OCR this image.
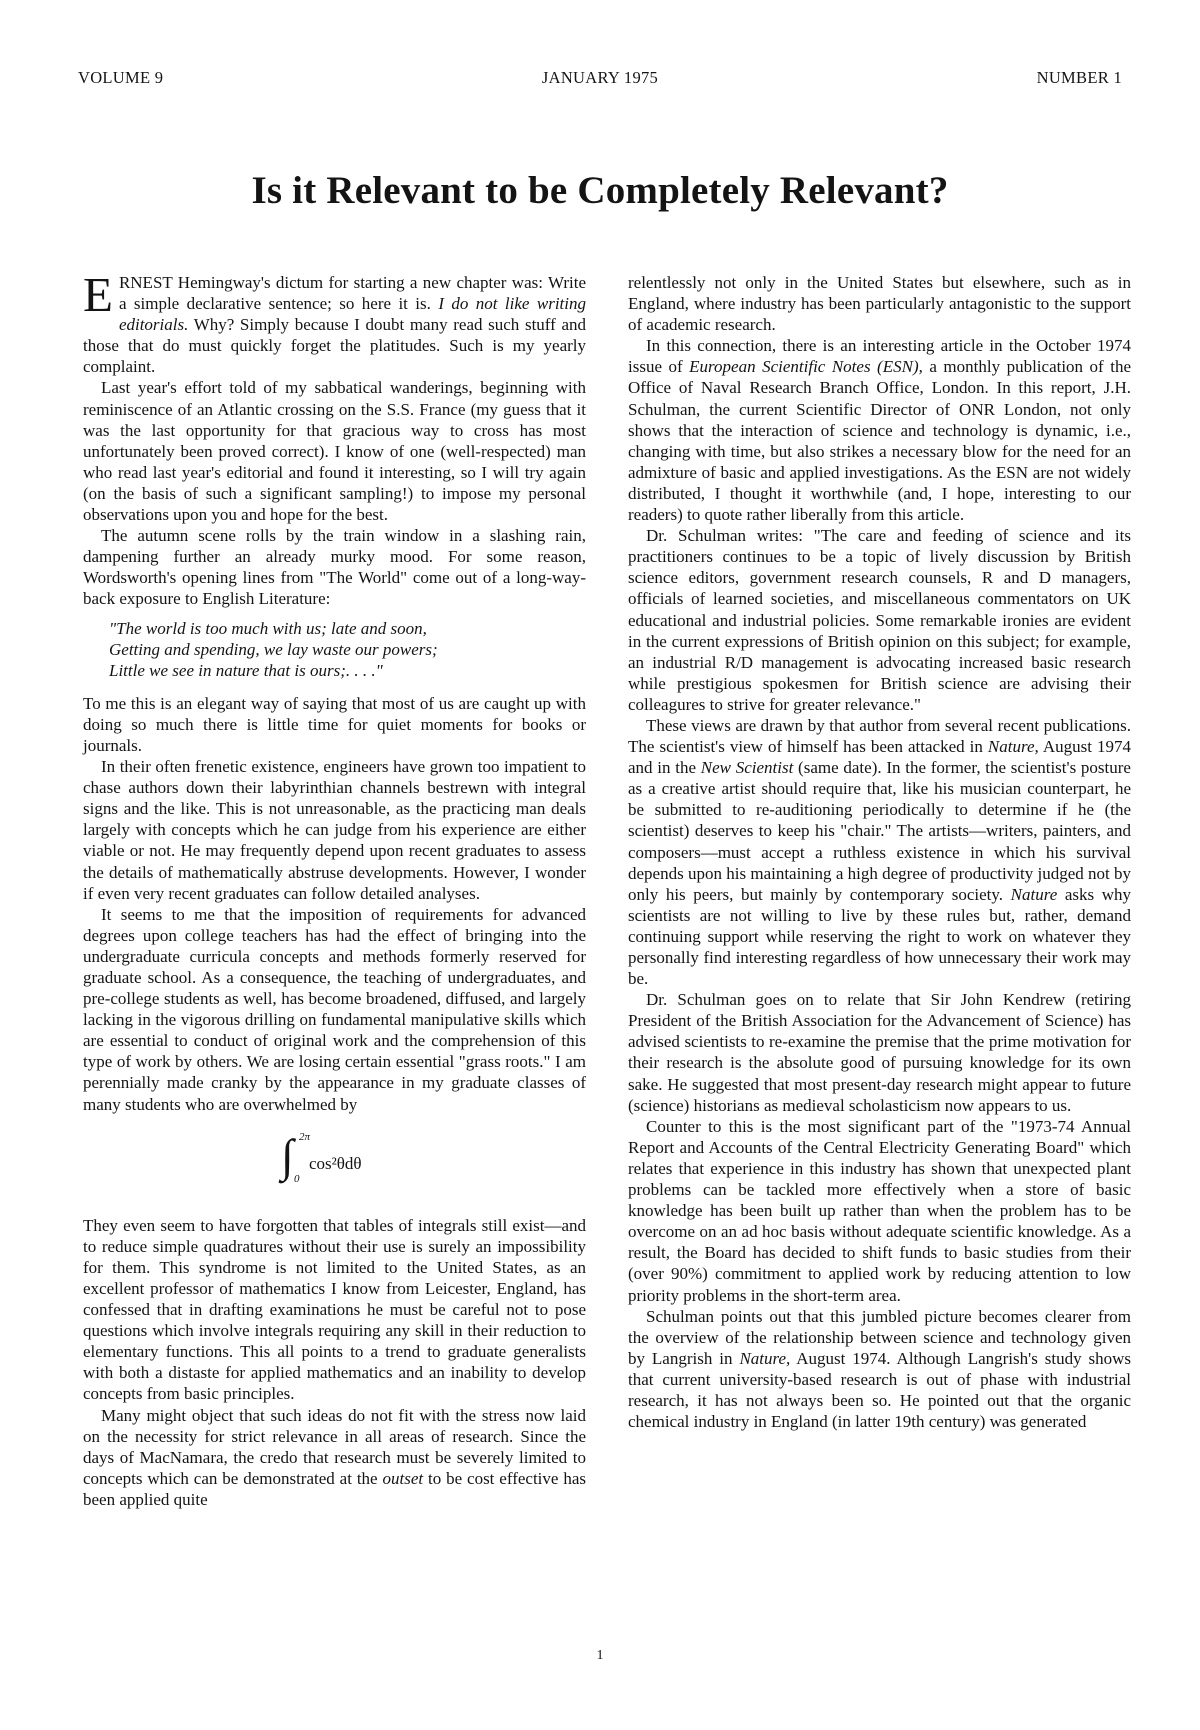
VOLUME 9	JANUARY 1975	NUMBER 1
Is it Relevant to be Completely Relevant?

ERNEST Hemingway's dictum for starting a new chapter was: Write a simple declarative sentence; so here it is. I do not like writing editorials. Why? Simply because I doubt many read such stuff and those that do must quickly forget the platitudes. Such is my yearly complaint.

Last year's effort told of my sabbatical wanderings, beginning with reminiscence of an Atlantic crossing on the S.S. France (my guess that it was the last opportunity for that gracious way to cross has most unfortunately been proved correct). I know of one (well-respected) man who read last year's editorial and found it interesting, so I will try again (on the basis of such a significant sampling!) to impose my personal observations upon you and hope for the best.

The autumn scene rolls by the train window in a slashing rain, dampening further an already murky mood. For some reason, Wordsworth's opening lines from "The World" come out of a long-way-back exposure to English Literature:

"The world is too much with us; late and soon,
Getting and spending, we lay waste our powers;
Little we see in nature that is ours;. . . ."

To me this is an elegant way of saying that most of us are caught up with doing so much there is little time for quiet moments for books or journals.

In their often frenetic existence, engineers have grown too impatient to chase authors down their labyrinthian channels bestrewn with integral signs and the like. This is not unreasonable, as the practicing man deals largely with concepts which he can judge from his experience are either viable or not. He may frequently depend upon recent graduates to assess the details of mathematically abstruse developments. However, I wonder if even very recent graduates can follow detailed analyses.

It seems to me that the imposition of requirements for advanced degrees upon college teachers has had the effect of bringing into the undergraduate curricula concepts and methods formerly reserved for graduate school. As a consequence, the teaching of undergraduates, and pre-college students as well, has become broadened, diffused, and largely lacking in the vigorous drilling on fundamental manipulative skills which are essential to conduct of original work and the comprehension of this type of work by others. We are losing certain essential "grass roots." I am perennially made cranky by the appearance in my graduate classes of many students who are overwhelmed by

∫ 2π
0
cos²θdθ

They even seem to have forgotten that tables of integrals still exist—and to reduce simple quadratures without their use is surely an impossibility for them. This syndrome is not limited to the United States, as an excellent professor of mathematics I know from Leicester, England, has confessed that in drafting examinations he must be careful not to pose questions which involve integrals requiring any skill in their reduction to elementary functions. This all points to a trend to graduate generalists with both a distaste for applied mathematics and an inability to develop concepts from basic principles.

Many might object that such ideas do not fit with the stress now laid on the necessity for strict relevance in all areas of research. Since the days of MacNamara, the credo that research must be severely limited to concepts which can be demonstrated at the outset to be cost effective has been applied quite

relentlessly not only in the United States but elsewhere, such as in England, where industry has been particularly antagonistic to the support of academic research.

In this connection, there is an interesting article in the October 1974 issue of European Scientific Notes (ESN), a monthly publication of the Office of Naval Research Branch Office, London. In this report, J.H. Schulman, the current Scientific Director of ONR London, not only shows that the interaction of science and technology is dynamic, i.e., changing with time, but also strikes a necessary blow for the need for an admixture of basic and applied investigations. As the ESN are not widely distributed, I thought it worthwhile (and, I hope, interesting to our readers) to quote rather liberally from this article.

Dr. Schulman writes: "The care and feeding of science and its practitioners continues to be a topic of lively discussion by British science editors, government research counsels, R and D managers, officials of learned societies, and miscellaneous commentators on UK educational and industrial policies. Some remarkable ironies are evident in the current expressions of British opinion on this subject; for example, an industrial R/D management is advocating increased basic research while prestigious spokesmen for British science are advising their colleagures to strive for greater relevance."

These views are drawn by that author from several recent publications. The scientist's view of himself has been attacked in Nature, August 1974 and in the New Scientist (same date). In the former, the scientist's posture as a creative artist should require that, like his musician counterpart, he be submitted to re-auditioning periodically to determine if he (the scientist) deserves to keep his "chair." The artists—writers, painters, and composers—must accept a ruthless existence in which his survival depends upon his maintaining a high degree of productivity judged not by only his peers, but mainly by contemporary society. Nature asks why scientists are not willing to live by these rules but, rather, demand continuing support while reserving the right to work on whatever they personally find interesting regardless of how unnecessary their work may be.

Dr. Schulman goes on to relate that Sir John Kendrew (retiring President of the British Association for the Advancement of Science) has advised scientists to re-examine the premise that the prime motivation for their research is the absolute good of pursuing knowledge for its own sake. He suggested that most present-day research might appear to future (science) historians as medieval scholasticism now appears to us.

Counter to this is the most significant part of the "1973-74 Annual Report and Accounts of the Central Electricity Generating Board" which relates that experience in this industry has shown that unexpected plant problems can be tackled more effectively when a store of basic knowledge has been built up rather than when the problem has to be overcome on an ad hoc basis without adequate scientific knowledge. As a result, the Board has decided to shift funds to basic studies from their (over 90%) commitment to applied work by reducing attention to low priority problems in the short-term area.

Schulman points out that this jumbled picture becomes clearer from the overview of the relationship between science and technology given by Langrish in Nature, August 1974. Although Langrish's study shows that current university-based research is out of phase with industrial research, it has not always been so. He pointed out that the organic chemical industry in England (in latter 19th century) was generated

1
